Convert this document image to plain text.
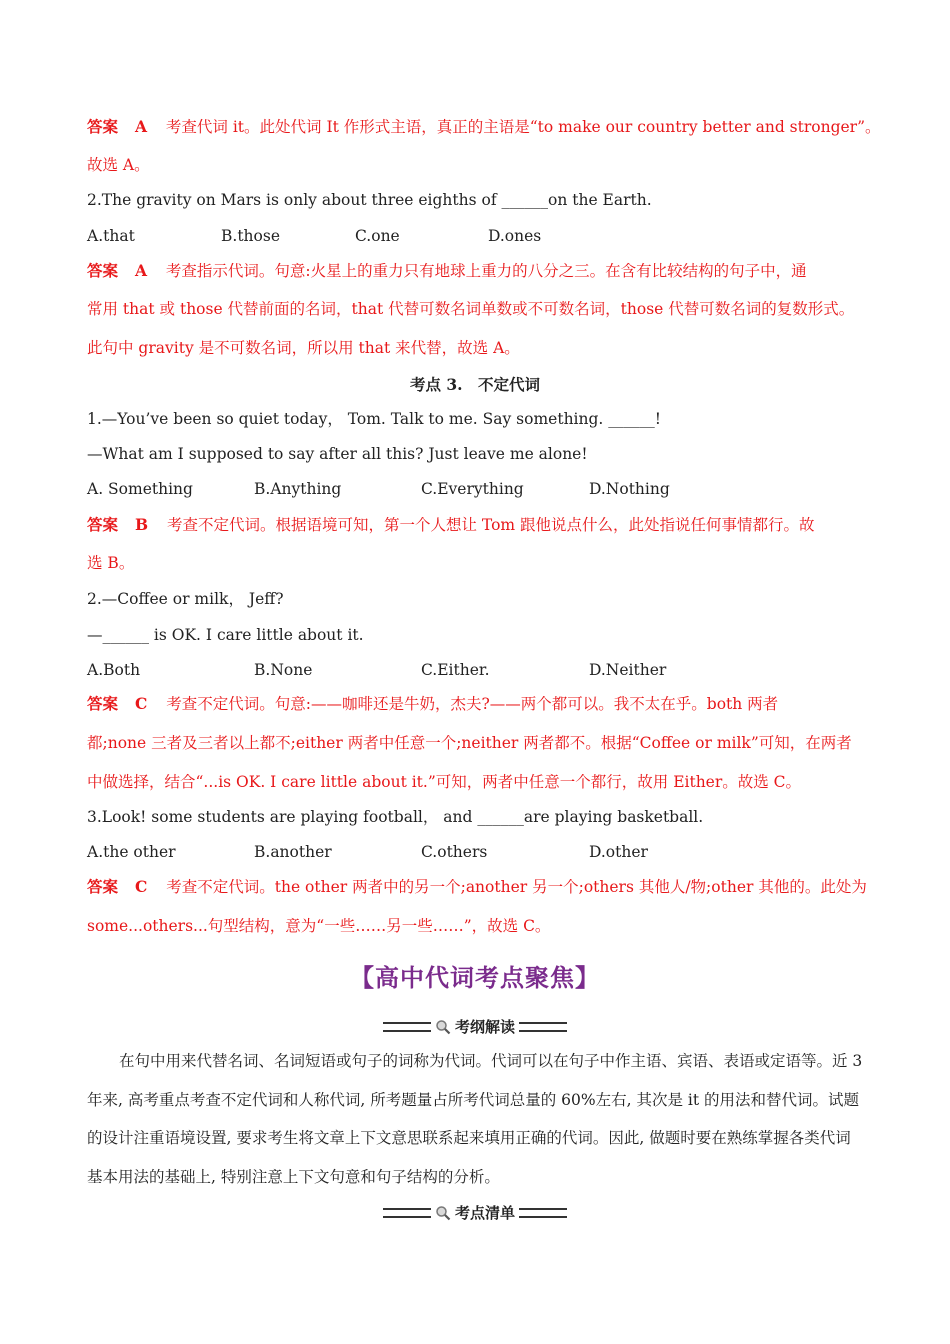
答案 A 考查代词 it。此处代词 It 作形式主语，真正的主语是“to make our country better and stronger”。
故选 A。
2.The gravity on Mars is only about three eighths of ______on the Earth.
A.that	B.those	C.one	D.ones
答案 A 考查指示代词。句意:火星上的重力只有地球上重力的八分之三。在含有比较结构的句子中，通
常用 that 或 those 代替前面的名词，that 代替可数名词单数或不可数名词，those 代替可数名词的复数形式。
此句中 gravity 是不可数名词，所以用 that 来代替，故选 A。
考点 3.　不定代词
1.—You’ve been so quiet today， Tom. Talk to me. Say something. ______!
—What am I supposed to say after all this? Just leave me alone!
A. Something	B.Anything	C.Everything	D.Nothing
答案 B 考查不定代词。根据语境可知，第一个人想让 Tom 跟他说点什么，此处指说任何事情都行。故
选 B。
2.—Coffee or milk， Jeff?
—______ is OK. I care little about it.
A.Both	B.None	C.Either.	D.Neither
答案 C 考查不定代词。句意:——咖啡还是牛奶，杰夫?——两个都可以。我不太在乎。both 两者
都;none 三者及三者以上都不;either 两者中任意一个;neither 两者都不。根据“Coffee or milk”可知，在两者
中做选择，结合“...is OK. I care little about it.”可知，两者中任意一个都行，故用 Either。故选 C。
3.Look! some students are playing football， and ______are playing basketball.
A.the other	B.another	C.others	D.other
答案 C 考查不定代词。the other 两者中的另一个;another 另一个;others 其他人/物;other 其他的。此处为
some...others...句型结构，意为“一些……另一些……”，故选 C。
【高中代词考点聚焦】
考纲解读
在句中用来代替名词、名词短语或句子的词称为代词。代词可以在句子中作主语、宾语、表语或定语等。近 3 年来, 高考重点考查不定代词和人称代词, 所考题量占所考代词总量的 60%左右, 其次是 it 的用法和替代词。试题的设计注重语境设置, 要求考生将文章上下文意思联系起来填用正确的代词。因此, 做题时要在熟练掌握各类代词基本用法的基础上, 特别注意上下文句意和句子结构的分析。
考点清单
